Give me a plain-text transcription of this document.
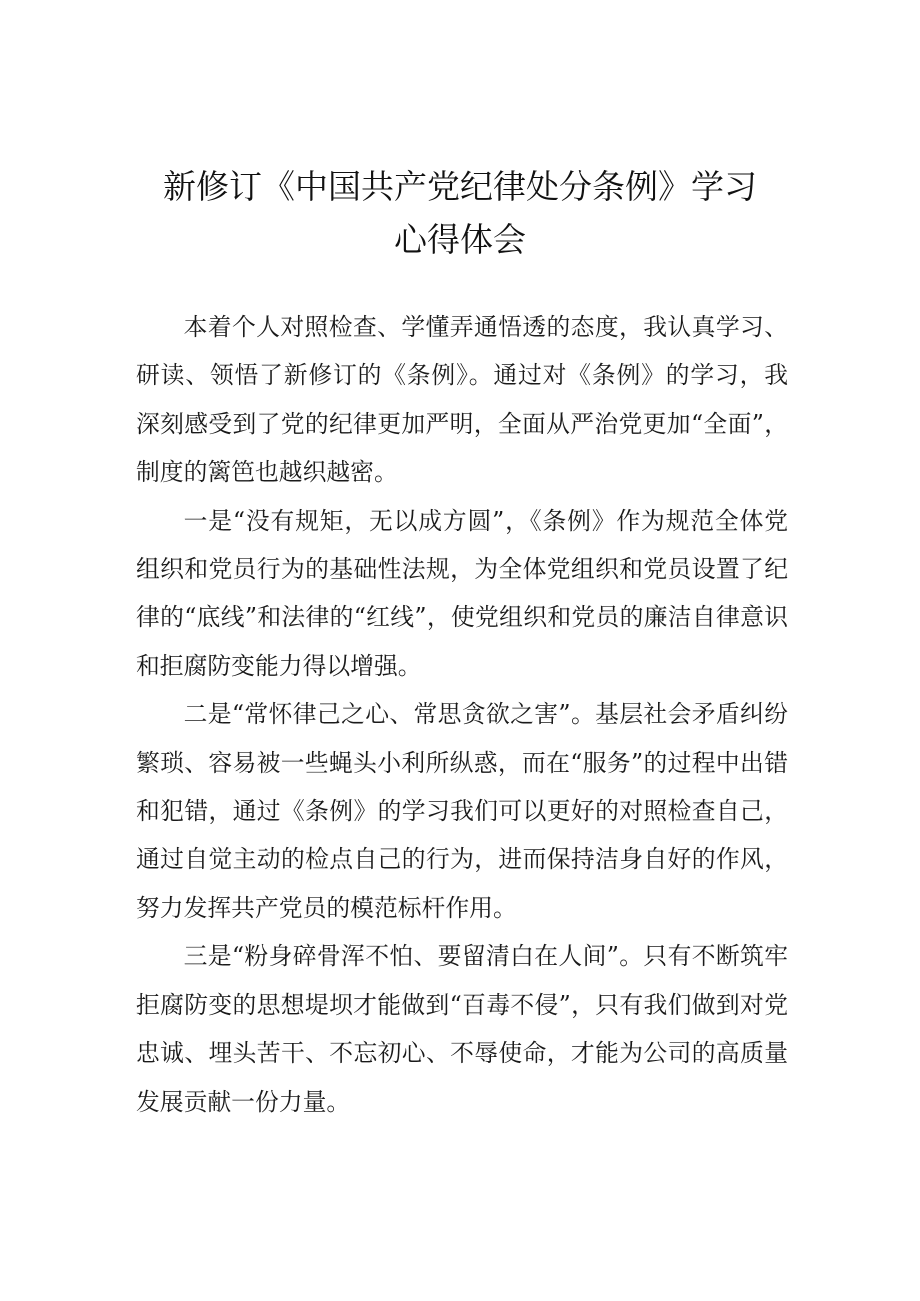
新修订《中国共产党纪律处分条例》学习
心得体会

本着个人对照检查、学懂弄通悟透的态度，我认真学习、研读、领悟了新修订的《条例》。通过对《条例》的学习，我深刻感受到了党的纪律更加严明，全面从严治党更加“全面”，制度的篱笆也越织越密。

一是“没有规矩，无以成方圆”，《条例》作为规范全体党组织和党员行为的基础性法规，为全体党组织和党员设置了纪律的“底线”和法律的“红线”，使党组织和党员的廉洁自律意识和拒腐防变能力得以增强。

二是“常怀律己之心、常思贪欲之害”。基层社会矛盾纠纷繁琐、容易被一些蝇头小利所纵惑，而在“服务”的过程中出错和犯错，通过《条例》的学习我们可以更好的对照检查自己，通过自觉主动的检点自己的行为，进而保持洁身自好的作风，努力发挥共产党员的模范标杆作用。

三是“粉身碎骨浑不怕、要留清白在人间”。只有不断筑牢拒腐防变的思想堤坝才能做到“百毒不侵”，只有我们做到对党忠诚、埋头苦干、不忘初心、不辱使命，才能为公司的高质量发展贡献一份力量。
